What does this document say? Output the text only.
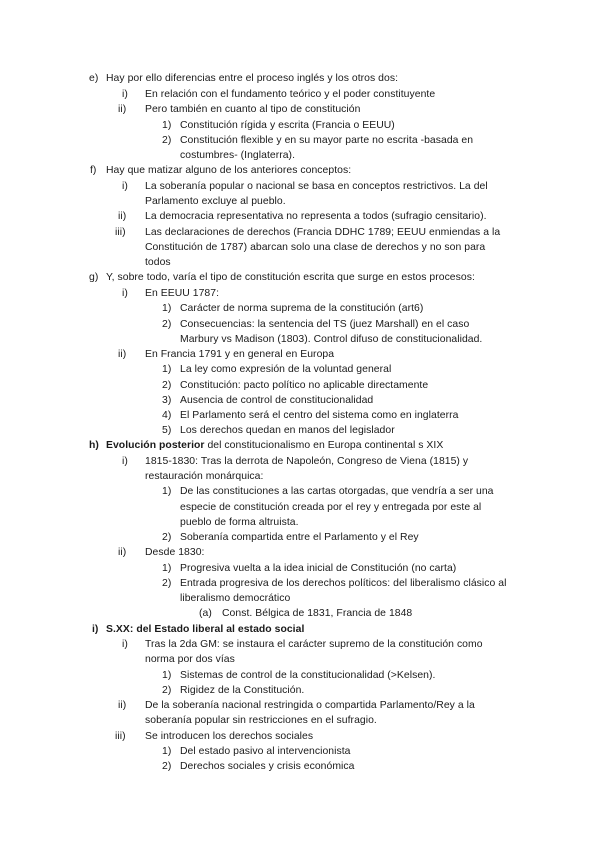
e) Hay por ello diferencias entre el proceso inglés y los otros dos:
i) En relación con el fundamento teórico y el poder constituyente
ii) Pero también en cuanto al tipo de constitución
1) Constitución rígida y escrita (Francia o EEUU)
2) Constitución flexible y en su mayor parte no escrita -basada en
costumbres- (Inglaterra).
f) Hay que matizar alguno de los anteriores conceptos:
i) La soberanía popular o nacional se basa en conceptos restrictivos. La del
Parlamento excluye al pueblo.
ii) La democracia representativa no representa a todos (sufragio censitario).
iii) Las declaraciones de derechos (Francia DDHC 1789; EEUU enmiendas a la
Constitución de 1787) abarcan solo una clase de derechos y no son para
todos
g) Y, sobre todo, varía el tipo de constitución escrita que surge en estos procesos:
i) En EEUU 1787:
1) Carácter de norma suprema de la constitución (art6)
2) Consecuencias: la sentencia del TS (juez Marshall) en el caso
Marbury vs Madison (1803). Control difuso de constitucionalidad.
ii) En Francia 1791 y en general en Europa
1) La ley como expresión de la voluntad general
2) Constitución: pacto político no aplicable directamente
3) Ausencia de control de constitucionalidad
4) El Parlamento será el centro del sistema como en inglaterra
5) Los derechos quedan en manos del legislador
h) Evolución posterior del constitucionalismo en Europa continental s XIX
i) 1815-1830: Tras la derrota de Napoleón, Congreso de Viena (1815) y
restauración monárquica:
1) De las constituciones a las cartas otorgadas, que vendría a ser una
especie de constitución creada por el rey y entregada por este al
pueblo de forma altruista.
2) Soberanía compartida entre el Parlamento y el Rey
ii) Desde 1830:
1) Progresiva vuelta a la idea inicial de Constitución (no carta)
2) Entrada progresiva de los derechos políticos: del liberalismo clásico al
liberalismo democrático
(a) Const. Bélgica de 1831, Francia de 1848
i) S.XX: del Estado liberal al estado social
i) Tras la 2da GM: se instaura el carácter supremo de la constitución como
norma por dos vías
1) Sistemas de control de la constitucionalidad (>Kelsen).
2) Rigidez de la Constitución.
ii) De la soberanía nacional restringida o compartida Parlamento/Rey a la
soberanía popular sin restricciones en el sufragio.
iii) Se introducen los derechos sociales
1) Del estado pasivo al intervencionista
2) Derechos sociales y crisis económica
